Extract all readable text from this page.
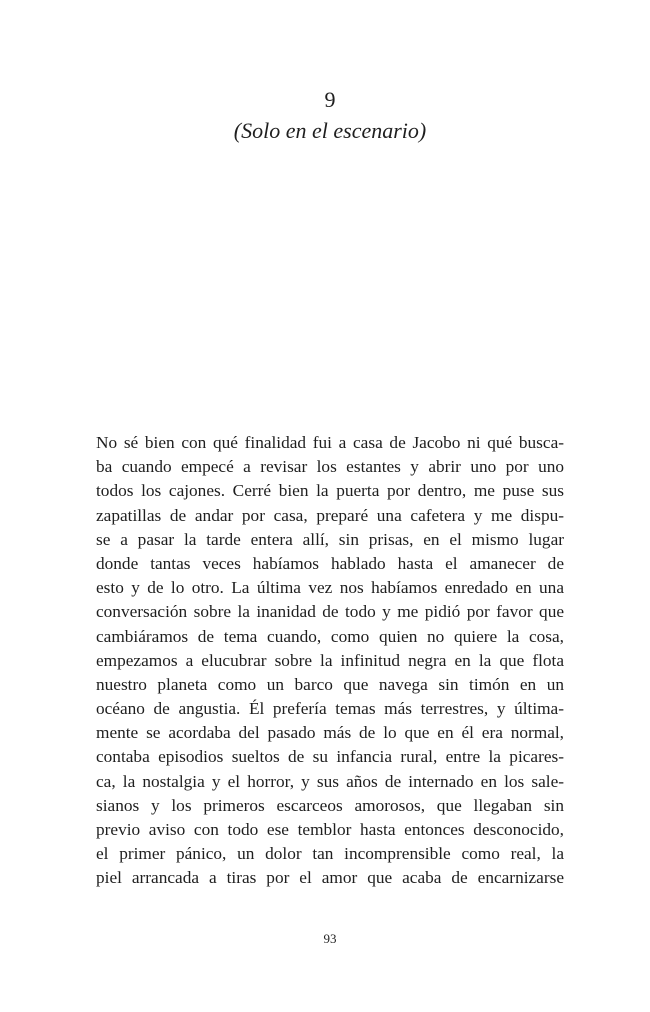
9
(Solo en el escenario)
No sé bien con qué finalidad fui a casa de Jacobo ni qué busca-
ba cuando empecé a revisar los estantes y abrir uno por uno
todos los cajones. Cerré bien la puerta por dentro, me puse sus
zapatillas de andar por casa, preparé una cafetera y me dispu-
se a pasar la tarde entera allí, sin prisas, en el mismo lugar
donde tantas veces habíamos hablado hasta el amanecer de
esto y de lo otro. La última vez nos habíamos enredado en una
conversación sobre la inanidad de todo y me pidió por favor que
cambiáramos de tema cuando, como quien no quiere la cosa,
empezamos a elucubrar sobre la infinitud negra en la que flota
nuestro planeta como un barco que navega sin timón en un
océano de angustia. Él prefería temas más terrestres, y última-
mente se acordaba del pasado más de lo que en él era normal,
contaba episodios sueltos de su infancia rural, entre la picares-
ca, la nostalgia y el horror, y sus años de internado en los sale-
sianos y los primeros escarceos amorosos, que llegaban sin
previo aviso con todo ese temblor hasta entonces desconocido,
el primer pánico, un dolor tan incomprensible como real, la
piel arrancada a tiras por el amor que acaba de encarnizarse
93
